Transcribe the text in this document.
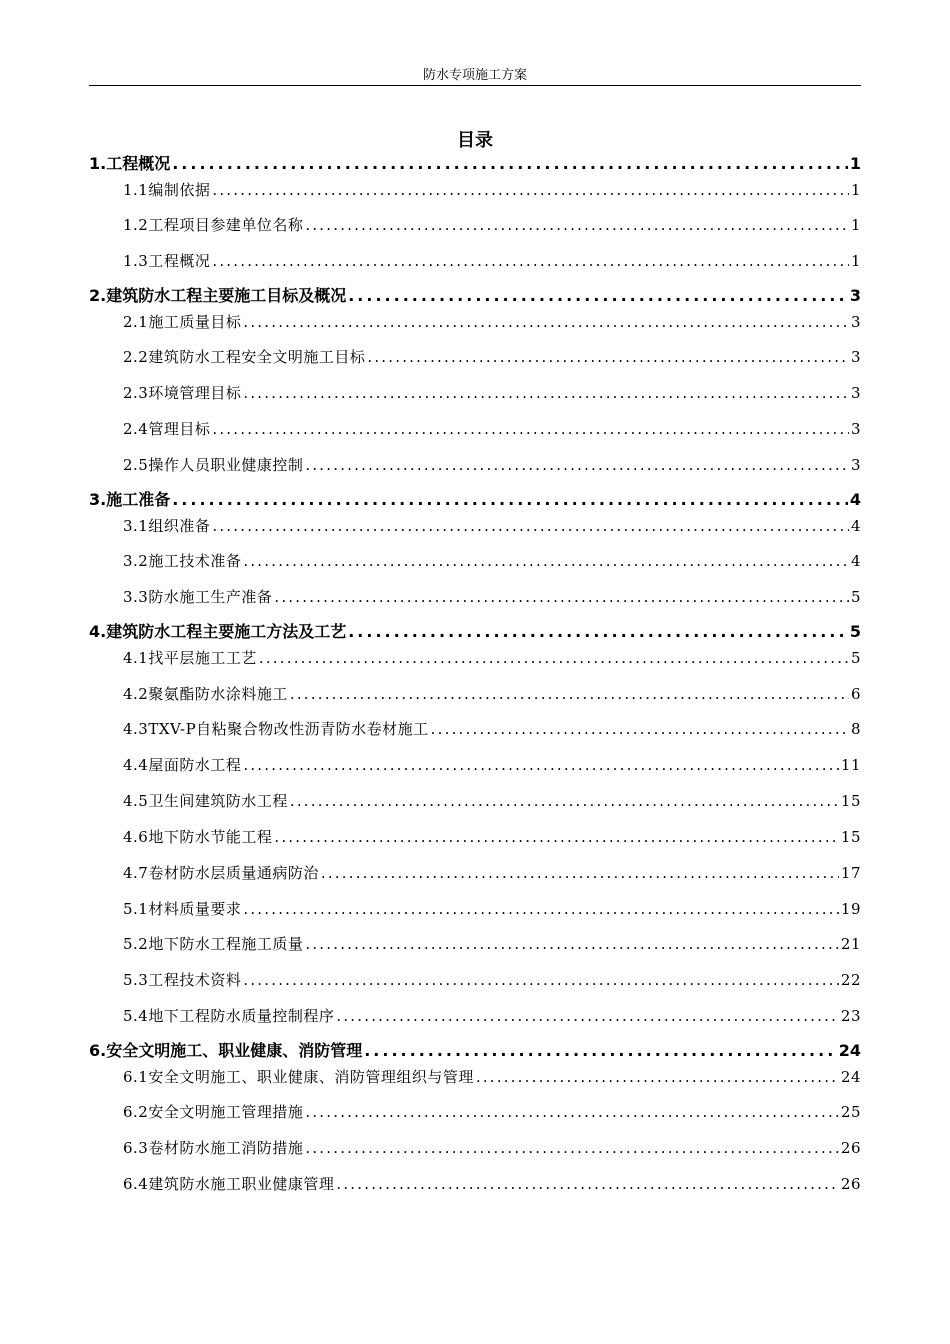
防水专项施工方案
目录
1.工程概况 .....	1
1.1编制依据 .....	1
1.2工程项目参建单位名称 .....	1
1.3工程概况 .....	1
2.建筑防水工程主要施工目标及概况 .....	3
2.1施工质量目标 .....	3
2.2建筑防水工程安全文明施工目标 .....	3
2.3环境管理目标 .....	3
2.4管理目标 .....	3
2.5操作人员职业健康控制 .....	3
3.施工准备 .....	4
3.1组织准备 .....	4
3.2施工技术准备 .....	4
3.3防水施工生产准备 .....	5
4.建筑防水工程主要施工方法及工艺 .....	5
4.1找平层施工工艺 .....	5
4.2聚氨酯防水涂料施工 .....	6
4.3TXV-P自粘聚合物改性沥青防水卷材施工 .....	8
4.4屋面防水工程 .....	11
4.5卫生间建筑防水工程 .....	15
4.6地下防水节能工程 .....	15
4.7卷材防水层质量通病防治 .....	17
5.1材料质量要求 .....	19
5.2地下防水工程施工质量 .....	21
5.3工程技术资料 .....	22
5.4地下工程防水质量控制程序 .....	23
6.安全文明施工、职业健康、消防管理 .....	24
6.1安全文明施工、职业健康、消防管理组织与管理 .....	24
6.2安全文明施工管理措施 .....	25
6.3卷材防水施工消防措施 .....	26
6.4建筑防水施工职业健康管理 .....	26
